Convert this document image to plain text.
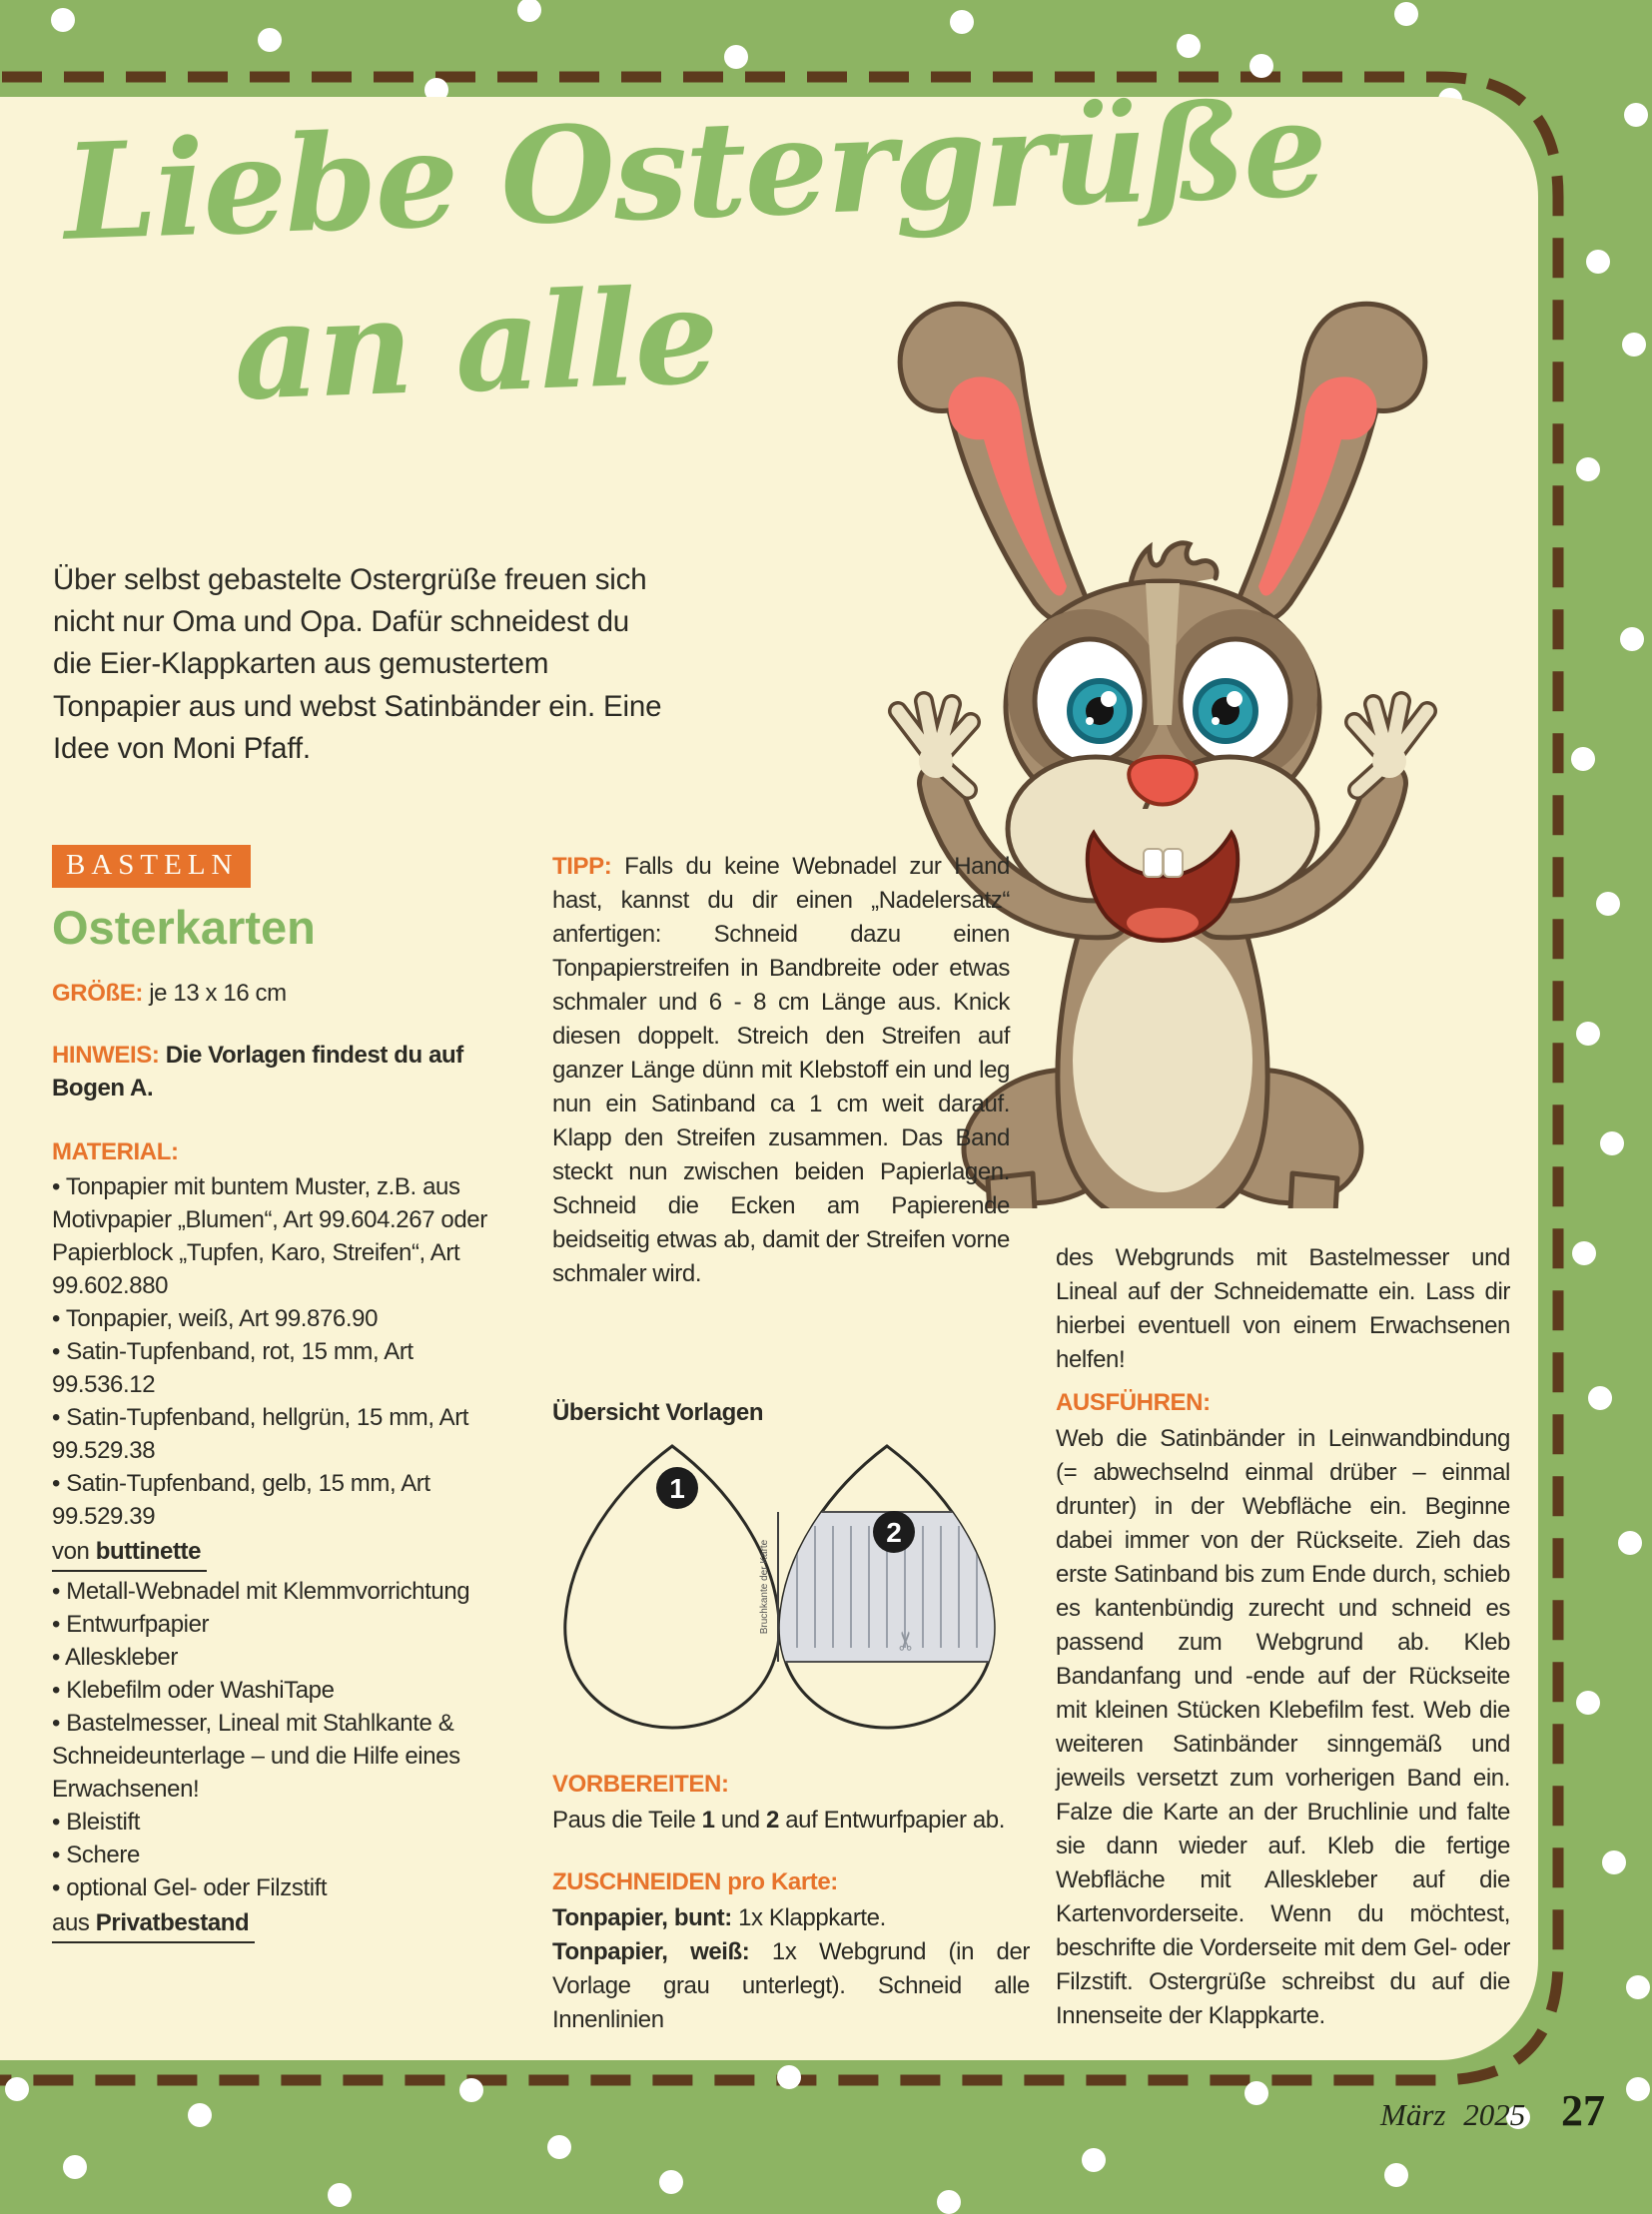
Liebe Ostergrüße
an alle
Über selbst gebastelte Ostergrüße freuen sich nicht nur Oma und Opa. Dafür schneidest du die Eier-Klappkarten aus gemustertem Tonpapier aus und webst Satinbänder ein. Eine Idee von Moni Pfaff.
BASTELN
Osterkarten
GRÖßE: je 13 x 16 cm
HINWEIS: Die Vorlagen findest du auf Bogen A.
MATERIAL:
• Tonpapier mit buntem Muster, z.B. aus Motivpapier „Blumen“, Art 99.604.267 oder Papierblock „Tupfen, Karo, Streifen“, Art 99.602.880
• Tonpapier, weiß, Art 99.876.90
• Satin-Tupfenband, rot, 15 mm, Art 99.536.12
• Satin-Tupfenband, hellgrün, 15 mm, Art 99.529.38
• Satin-Tupfenband, gelb, 15 mm, Art 99.529.39
von buttinette
• Metall-Webnadel mit Klemmvorrichtung
• Entwurfpapier
• Alleskleber
• Klebefilm oder WashiTape
• Bastelmesser, Lineal mit Stahlkante & Schneideunterlage – und die Hilfe eines Erwachsenen!
• Bleistift
• Schere
• optional Gel- oder Filzstift
aus Privatbestand
TIPP: Falls du keine Webnadel zur Hand hast, kannst du dir einen „Nadelersatz“ anfertigen: Schneid dazu einen Tonpapierstreifen in Bandbreite oder etwas schmaler und 6 - 8 cm Länge aus. Knick diesen doppelt. Streich den Streifen auf ganzer Länge dünn mit Klebstoff ein und leg nun ein Satinband ca 1 cm weit darauf. Klapp den Streifen zusammen. Das Band steckt nun zwischen beiden Papierlagen. Schneid die Ecken am Papierende beidseitig etwas ab, damit der Streifen vorne schmaler wird.
Übersicht Vorlagen
Bruchkante der Karte
✂
1
2
VORBEREITEN:
Paus die Teile 1 und 2 auf Entwurfpapier ab.
ZUSCHNEIDEN pro Karte:
Tonpapier, bunt: 1x Klappkarte.
Tonpapier, weiß: 1x Webgrund (in der Vorlage grau unterlegt). Schneid alle Innenlinien
des Webgrunds mit Bastelmesser und Lineal auf der Schneidematte ein. Lass dir hierbei eventuell von einem Erwachsenen helfen!
AUSFÜHREN:
Web die Satinbänder in Leinwandbindung (= abwechselnd einmal drüber – einmal drunter) in der Webfläche ein. Beginne dabei immer von der Rückseite. Zieh das erste Satinband bis zum Ende durch, schieb es kantenbündig zurecht und schneid es passend zum Webgrund ab. Kleb Bandanfang und -ende auf der Rückseite mit kleinen Stücken Klebefilm fest. Web die weiteren Satinbänder sinngemäß und jeweils versetzt zum vorherigen Band ein. Falze die Karte an der Bruchlinie und falte sie dann wieder auf. Kleb die fertige Webfläche mit Alleskleber auf die Kartenvorderseite. Wenn du möchtest, beschrifte die Vorderseite mit dem Gel- oder Filzstift. Ostergrüße schreibst du auf die Innenseite der Klappkarte.
März 2025 27
